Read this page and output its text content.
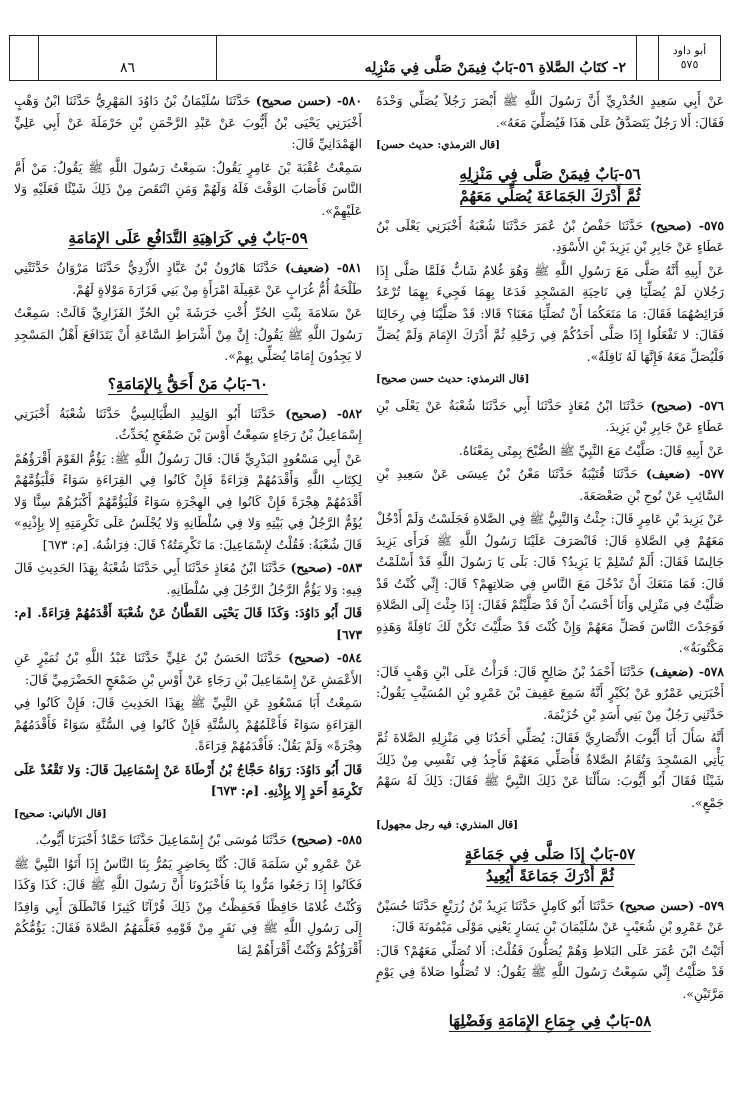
أبو داود
٥٧٥
٢- كتَابُ الصَّلاةِ ٥٦-بَابٌ فِيمَنْ صَلَّى فِي مَنْزِلِه
٨٦
عَنْ أَبِي سَعِيدٍ الخُدْرِيِّ أَنَّ رَسُولَ اللَّهِ ﷺ أَبْصَرَ رَجُلاً يُصَلِّي وَحْدَهُ فَقَالَ: أَلا رَجُلٌ يَتَصَدَّقُ عَلَى هَذَا فَيُصَلِّيَ مَعَهُ».
[قال الترمذي: حديث حسن]
٥٦-بَابٌ فِيمَنْ صَلَّى فِي مَنْزِلِهِ
ثُمَّ أَدْرَكَ الجَمَاعَةَ يُصَلِّي مَعَهُمْ
٥٧٥- (صحيح) حَدَّثَنَا حَفْصُ بْنُ عُمَرَ حَدَّثَنَا شُعْبَةُ أَخْبَرَنِي يَعْلَى بْنُ عَطَاءٍ عَنْ جَابِرِ بْنِ يَزِيدَ بْنِ الأَسْوَدِ.
عَنْ أَبِيهِ أَنَّهُ صَلَّى مَعَ رَسُولِ اللَّهِ ﷺ وَهُوَ غُلامٌ شَابٌّ فَلَمَّا صَلَّى إِذَا رَجُلانِ لَمْ يُصَلِّيَا فِي نَاحِيَةِ المَسْجِدِ فَدَعَا بِهِمَا فَجِيءَ بِهِمَا تُرْعَدُ فَرَائِصُهُمَا فَقَالَ: مَا مَنَعَكُمَا أَنْ تُصَلِّيَا مَعَنَا؟ قَالا: قَدْ صَلَّيْنَا فِي رِحَالِنَا فَقَالَ: لا تَفْعَلُوا إِذَا صَلَّى أَحَدُكُمْ فِي رَحْلِهِ ثُمَّ أَدْرَكَ الإِمَامَ وَلَمْ يُصَلِّ فَلْيُصَلِّ مَعَهُ فَإِنَّهَا لَهُ نَافِلَةٌ».
[قال الترمذي: حديث حسن صحيح]
٥٧٦- (صحيح) حَدَّثَنَا ابْنُ مُعَاذٍ حَدَّثَنَا أَبِي حَدَّثَنَا شُعْبَةُ عَنْ يَعْلَى بْنِ عَطَاءٍ عَنْ جَابِرِ بْنِ يَزِيدَ.
عَنْ أَبِيهِ قَالَ: صَلَّيْتُ مَعَ النَّبِيِّ ﷺ الصُّبْحَ بِمِنًى بِمَعْنَاهُ.
٥٧٧- (ضعيف) حَدَّثَنَا قُتَيْبَةُ حَدَّثَنَا مَعْنُ بْنُ عِيسَى عَنْ سَعِيدِ بْنِ السَّائِبِ عَنْ نُوحِ بْنِ صَعْصَعَةَ.
عَنْ يَزِيدَ بْنِ عَامِرٍ قَالَ: جِئْتُ وَالنَّبِيُّ ﷺ فِي الصَّلاةِ فَجَلَسْتُ وَلَمْ أَدْخُلْ مَعَهُمْ فِي الصَّلاةِ قَالَ: فَانْصَرَفَ عَلَيْنَا رَسُولُ اللَّهِ ﷺ فَرَأَى يَزِيدَ جَالِسًا فَقَالَ: أَلَمْ تُسْلِمْ يَا يَزِيدُ؟ قَالَ: بَلَى يَا رَسُولَ اللَّهِ قَدْ أَسْلَمْتُ قَالَ: فَمَا مَنَعَكَ أَنْ تَدْخُلَ مَعَ النَّاسِ فِي صَلاتِهِمْ؟ قَالَ: إِنِّي كُنْتُ قَدْ صَلَّيْتُ فِي مَنْزِلِي وَأَنَا أَحْسَبُ أَنْ قَدْ صَلَّيْتُمْ فَقَالَ: إِذَا جِئْتَ إِلَى الصَّلاةِ فَوَجَدْتَ النَّاسَ فَصَلِّ مَعَهُمْ وَإِنْ كُنْتَ قَدْ صَلَّيْتَ تَكُنْ لَكَ نَافِلَةً وَهَذِهِ مَكْتُوبَةٌ».
٥٧٨- (ضعيف) حَدَّثَنَا أَحْمَدُ بْنُ صَالِحٍ قَالَ: قَرَأْتُ عَلَى ابْنِ وَهْبٍ قَالَ: أَخْبَرَنِي عَمْرٌو عَنْ بُكَيْرٍ أَنَّهُ سَمِعَ عَفِيفَ بْنَ عَمْرِو بْنِ المُسَيَّبِ يَقُولُ: حَدَّثَنِي رَجُلٌ مِنْ بَنِي أَسَدِ بْنِ خُزَيْمَةَ.
أَنَّهُ سَأَلَ أَبَا أَيُّوبَ الأَنْصَارِيَّ فَقَالَ: يُصَلِّي أَحَدُنَا فِي مَنْزِلِهِ الصَّلاةَ ثُمَّ يَأْتِي المَسْجِدَ وَتُقَامُ الصَّلاةُ فَأُصَلِّي مَعَهُمْ فَأَجِدُ فِي نَفْسِي مِنْ ذَلِكَ شَيْئًا فَقَالَ أَبُو أَيُّوبَ: سَأَلْنَا عَنْ ذَلِكَ النَّبِيَّ ﷺ فَقَالَ: ذَلِكَ لَهُ سَهْمُ جَمْعٍ».
[قال المنذري: فيه رجل مجهول]
٥٧-بَابٌ إِذَا صَلَّى فِي جَمَاعَةٍ
ثُمَّ أَدْرَكَ جَمَاعَةً أَيُعِيدُ
٥٧٩- (حسن صحيح) حَدَّثَنَا أَبُو كَامِلٍ حَدَّثَنَا يَزِيدُ بْنُ زُرَيْعٍ حَدَّثَنَا حُسَيْنٌ عَنْ عَمْرِو بْنِ شُعَيْبٍ عَنْ سُلَيْمَانَ بْنِ يَسَارٍ يَعْنِي مَوْلَى مَيْمُونَةَ قَالَ:
أَتَيْتُ ابْنَ عُمَرَ عَلَى البَلاطِ وَهُمْ يُصَلُّونَ فَقُلْتُ: أَلا تُصَلِّي مَعَهُمْ؟ قَالَ: قَدْ صَلَّيْتُ إِنِّي سَمِعْتُ رَسُولَ اللَّهِ ﷺ يَقُولُ: لا تُصَلُّوا صَلاةً فِي يَوْمٍ مَرَّتَيْنِ».
٥٨-بَابٌ فِي جِمَاعِ الإِمَامَةِ وَفَضْلِهَا
٥٨٠- (حسن صحيح) حَدَّثَنَا سُلَيْمَانُ بْنُ دَاوُدَ المَهْرِيُّ حَدَّثَنَا ابْنُ وَهْبٍ أَخْبَرَنِي يَحْيَى بْنُ أَيُّوبَ عَنْ عَبْدِ الرَّحْمَنِ بْنِ حَرْمَلَةَ عَنْ أَبِي عَلِيٍّ الهَمْدَانِيِّ قَالَ:
سَمِعْتُ عُقْبَةَ بْنَ عَامِرٍ يَقُولُ: سَمِعْتُ رَسُولَ اللَّهِ ﷺ يَقُولُ: مَنْ أَمَّ النَّاسَ فَأَصَابَ الوَقْتَ فَلَهُ وَلَهُمْ وَمَنِ انْتَقَصَ مِنْ ذَلِكَ شَيْئًا فَعَلَيْهِ وَلا عَلَيْهِمْ».
٥٩-بَابٌ فِي كَرَاهِيَةِ التَّدَافُعِ عَلَى الإِمَامَةِ
٥٨١- (ضعيف) حَدَّثَنَا هَارُونُ بْنُ عَبَّادٍ الأَزْدِيُّ حَدَّثَنَا مَرْوَانُ حَدَّثَتْنِي طَلْحَةُ أُمُّ غُرَابٍ عَنْ عَقِيلَةَ امْرَأَةٍ مِنْ بَنِي فَزَارَةَ مَوْلاةٍ لَهُمْ.
عَنْ سَلامَةَ بِنْتِ الحُرِّ أُخْتِ خَرَشَةَ بْنِ الحُرِّ الفَزَارِيِّ قَالَتْ: سَمِعْتُ رَسُولَ اللَّهِ ﷺ يَقُولُ: إِنَّ مِنْ أَشْرَاطِ السَّاعَةِ أَنْ يَتَدَافَعَ أَهْلُ المَسْجِدِ لا يَجِدُونَ إِمَامًا يُصَلِّي بِهِمْ».
٦٠-بَابُ مَنْ أَحَقُّ بِالإِمَامَةِ؟
٥٨٢- (صحيح) حَدَّثَنَا أَبُو الوَلِيدِ الطَّيَالِسِيُّ حَدَّثَنَا شُعْبَةُ أَخْبَرَنِي إِسْمَاعِيلُ بْنُ رَجَاءٍ سَمِعْتُ أَوْسَ بْنَ ضَمْعَجٍ يُحَدِّثُ.
عَنْ أَبِي مَسْعُودٍ البَدْرِيِّ قَالَ: قَالَ رَسُولُ اللَّهِ ﷺ: يَؤُمُّ القَوْمَ أَقْرَؤُهُمْ لِكِتَابِ اللَّهِ وَأَقْدَمُهُمْ قِرَاءَةً فَإِنْ كَانُوا فِي القِرَاءَةِ سَوَاءً فَلْيَؤُمَّهُمْ أَقْدَمُهُمْ هِجْرَةً فَإِنْ كَانُوا فِي الهِجْرَةِ سَوَاءً فَلْيَؤُمَّهُمْ أَكْبَرُهُمْ سِنًّا وَلا يُؤَمُّ الرَّجُلُ فِي بَيْتِهِ وَلا فِي سُلْطَانِهِ وَلا يُجْلَسُ عَلَى تَكْرِمَتِهِ إِلا بِإِذْنِهِ» قَالَ شُعْبَةُ: فَقُلْتُ لإِسْمَاعِيلَ: مَا تَكْرِمَتُهُ؟ قَالَ: فِرَاشُهُ. [م: ٦٧٣]
٥٨٣- (صحيح) حَدَّثَنَا ابْنُ مُعَاذٍ حَدَّثَنَا أَبِي حَدَّثَنَا شُعْبَةُ بِهَذَا الحَدِيثِ قَالَ فِيهِ: وَلا يَؤُمُّ الرَّجُلُ الرَّجُلَ فِي سُلْطَانِهِ.
قَالَ أَبُو دَاوُدَ: وَكَذَا قَالَ يَحْيَى القَطَّانُ عَنْ شُعْبَةَ أَقْدَمُهُمْ قِرَاءَةً. [م: ٦٧٣]
٥٨٤- (صحيح) حَدَّثَنَا الحَسَنُ بْنُ عَلِيٍّ حَدَّثَنَا عَبْدُ اللَّهِ بْنُ نُمَيْرٍ عَنِ الأَعْمَشِ عَنْ إِسْمَاعِيلَ بْنِ رَجَاءٍ عَنْ أَوْسِ بْنِ ضَمْعَجٍ الحَضْرَمِيِّ قَالَ:
سَمِعْتُ أَبَا مَسْعُودٍ عَنِ النَّبِيِّ ﷺ بِهَذَا الحَدِيثِ قَالَ: فَإِنْ كَانُوا فِي القِرَاءَةِ سَوَاءً فَأَعْلَمُهُمْ بِالسُّنَّةِ فَإِنْ كَانُوا فِي السُّنَّةِ سَوَاءً فَأَقْدَمُهُمْ هِجْرَةً» وَلَمْ يَقُلْ: فَأَقْدَمُهُمْ قِرَاءَةً.
قَالَ أَبُو دَاوُدَ: رَوَاهُ حَجَّاجُ بْنُ أَرْطَاةَ عَنْ إِسْمَاعِيلَ قَالَ: وَلا تَقْعُدْ عَلَى تَكْرِمَةِ أَحَدٍ إِلا بِإِذْنِهِ. [م: ٦٧٣]
[قال الألباني: صحيح]
٥٨٥- (صحيح) حَدَّثَنَا مُوسَى بْنُ إِسْمَاعِيلَ حَدَّثَنَا حَمَّادٌ أَخْبَرَنَا أَيُّوبُ.
عَنْ عَمْرِو بْنِ سَلَمَةَ قَالَ: كُنَّا بِحَاضِرٍ يَمُرُّ بِنَا النَّاسُ إِذَا أَتَوُا النَّبِيَّ ﷺ فَكَانُوا إِذَا رَجَعُوا مَرُّوا بِنَا فَأَخْبَرُونَا أَنَّ رَسُولَ اللَّهِ ﷺ قَالَ: كَذَا وَكَذَا وَكُنْتُ غُلامًا حَافِظًا فَحَفِظْتُ مِنْ ذَلِكَ قُرْآنًا كَثِيرًا فَانْطَلَقَ أَبِي وَافِدًا إِلَى رَسُولِ اللَّهِ ﷺ فِي نَفَرٍ مِنْ قَوْمِهِ فَعَلَّمَهُمُ الصَّلاةَ فَقَالَ: يَؤُمُّكُمْ أَقْرَؤُكُمْ وَكُنْتُ أَقْرَأَهُمْ لِمَا
